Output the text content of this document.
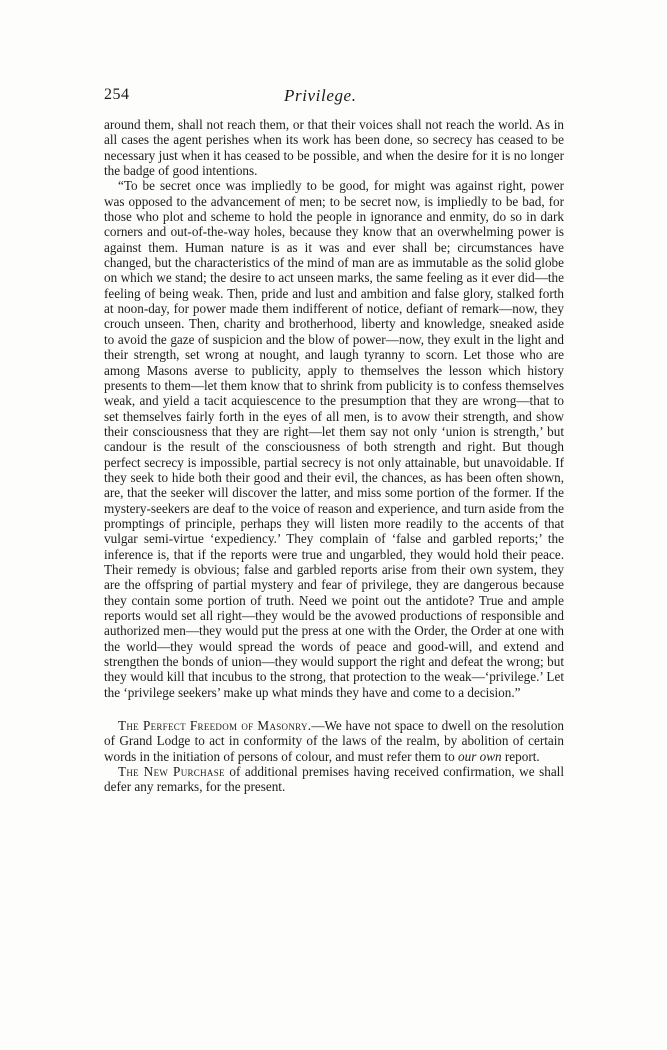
254	Privilege.

around them, shall not reach them, or that their voices shall not reach the world. As in all cases the agent perishes when its work has been done, so secrecy has ceased to be necessary just when it has ceased to be possible, and when the desire for it is no longer the badge of good intentions.

“To be secret once was impliedly to be good, for might was against right, power was opposed to the advancement of men; to be secret now, is impliedly to be bad, for those who plot and scheme to hold the people in ignorance and enmity, do so in dark corners and out-of-the-way holes, because they know that an overwhelming power is against them. Human nature is as it was and ever shall be; circumstances have changed, but the characteristics of the mind of man are as immutable as the solid globe on which we stand; the desire to act unseen marks, the same feeling as it ever did—the feeling of being weak. Then, pride and lust and ambition and false glory, stalked forth at noon-day, for power made them indifferent of notice, defiant of remark—now, they crouch unseen. Then, charity and brotherhood, liberty and knowledge, sneaked aside to avoid the gaze of suspicion and the blow of power—now, they exult in the light and their strength, set wrong at nought, and laugh tyranny to scorn. Let those who are among Masons averse to publicity, apply to themselves the lesson which history presents to them—let them know that to shrink from publicity is to confess themselves weak, and yield a tacit acquiescence to the presumption that they are wrong—that to set themselves fairly forth in the eyes of all men, is to avow their strength, and show their consciousness that they are right—let them say not only ‘union is strength,’ but candour is the result of the consciousness of both strength and right. But though perfect secrecy is impossible, partial secrecy is not only attainable, but unavoidable. If they seek to hide both their good and their evil, the chances, as has been often shown, are, that the seeker will discover the latter, and miss some portion of the former. If the mystery-seekers are deaf to the voice of reason and experience, and turn aside from the promptings of principle, perhaps they will listen more readily to the accents of that vulgar semi-virtue ‘expediency.’ They complain of ‘false and garbled reports;’ the inference is, that if the reports were true and ungarbled, they would hold their peace. Their remedy is obvious; false and garbled reports arise from their own system, they are the offspring of partial mystery and fear of privilege, they are dangerous because they contain some portion of truth. Need we point out the antidote? True and ample reports would set all right—they would be the avowed productions of responsible and authorized men—they would put the press at one with the Order, the Order at one with the world—they would spread the words of peace and good-will, and extend and strengthen the bonds of union—they would support the right and defeat the wrong; but they would kill that incubus to the strong, that protection to the weak—‘privilege.’ Let the ‘privilege seekers’ make up what minds they have and come to a decision.”

The Perfect Freedom of Masonry.—We have not space to dwell on the resolution of Grand Lodge to act in conformity of the laws of the realm, by abolition of certain words in the initiation of persons of colour, and must refer them to our own report.

The New Purchase of additional premises having received confirmation, we shall defer any remarks, for the present.
